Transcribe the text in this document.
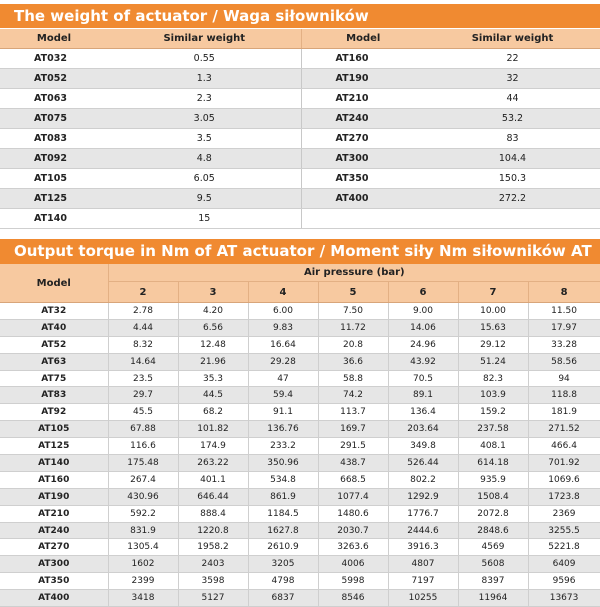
The weight of actuator / Waga siłowników
Model	Similar weight	Model	Similar weight
AT032	0.55	AT160	22
AT052	1.3	AT190	32
AT063	2.3	AT210	44
AT075	3.05	AT240	53.2
AT083	3.5	AT270	83
AT092	4.8	AT300	104.4
AT105	6.05	AT350	150.3
AT125	9.5	AT400	272.2
AT140	15		
Output torque in Nm of AT actuator / Moment siły Nm siłowników AT
Model	Air pressure (bar)						
	2	3	4	5	6	7	8
AT32	2.78	4.20	6.00	7.50	9.00	10.00	11.50
AT40	4.44	6.56	9.83	11.72	14.06	15.63	17.97
AT52	8.32	12.48	16.64	20.8	24.96	29.12	33.28
AT63	14.64	21.96	29.28	36.6	43.92	51.24	58.56
AT75	23.5	35.3	47	58.8	70.5	82.3	94
AT83	29.7	44.5	59.4	74.2	89.1	103.9	118.8
AT92	45.5	68.2	91.1	113.7	136.4	159.2	181.9
AT105	67.88	101.82	136.76	169.7	203.64	237.58	271.52
AT125	116.6	174.9	233.2	291.5	349.8	408.1	466.4
AT140	175.48	263.22	350.96	438.7	526.44	614.18	701.92
AT160	267.4	401.1	534.8	668.5	802.2	935.9	1069.6
AT190	430.96	646.44	861.9	1077.4	1292.9	1508.4	1723.8
AT210	592.2	888.4	1184.5	1480.6	1776.7	2072.8	2369
AT240	831.9	1220.8	1627.8	2030.7	2444.6	2848.6	3255.5
AT270	1305.4	1958.2	2610.9	3263.6	3916.3	4569	5221.8
AT300	1602	2403	3205	4006	4807	5608	6409
AT350	2399	3598	4798	5998	7197	8397	9596
AT400	3418	5127	6837	8546	10255	11964	13673
